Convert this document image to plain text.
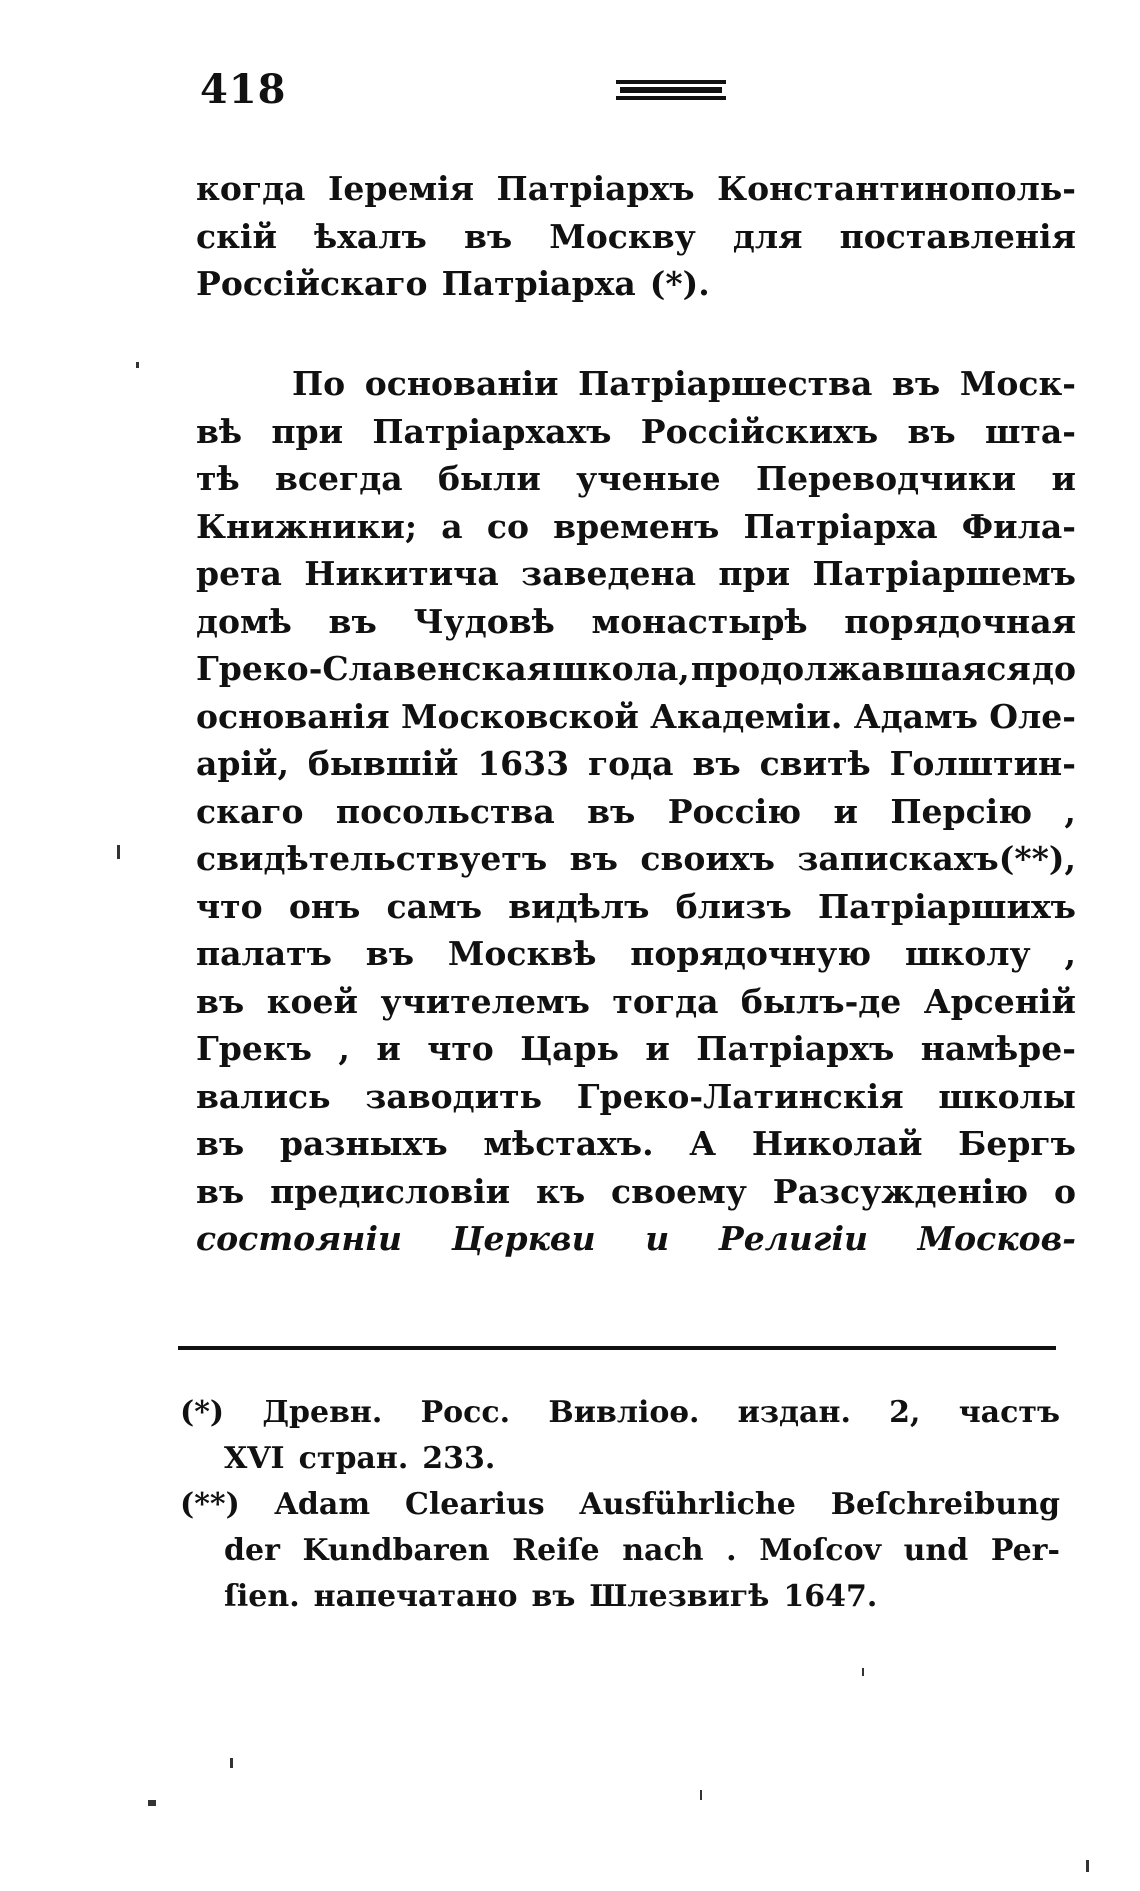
418
когда Іеремія Патріархъ Константинополь-
скій ѣхалъ въ Москву для поставленія
Россійскаго Патріарха (*).
По основаніи Патріаршества въ Моск-
вѣ при Патріархахъ Россійскихъ въ шта-
тѣ всегда были ученые Переводчики и
Книжники; а со временъ Патріарха Фила-
рета Никитича заведена при Патріаршемъ
домѣ въ Чудовѣ монастырѣ порядочная
Греко-Славенская школа, продолжавшаяся до
основанія Московской Академіи. Адамъ Оле-
арій, бывшій 1633 года въ свитѣ Голштин-
скаго посольства въ Россію и Персію ,
свидѣтельствуетъ въ своихъ запискахъ(**),
что онъ самъ видѣлъ близъ Патріаршихъ
палатъ въ Москвѣ порядочную школу ,
въ коей учителемъ тогда былъ-де Арсеній
Грекъ , и что Царь и Патріархъ намѣре-
вались заводить Греко-Латинскія школы
въ разныхъ мѣстахъ. А Николай Бергъ
въ предисловіи къ своему Разсужденію о
состояніи Церкви и Религіи Москов-
(*) Древн. Росс. Вивліоѳ. издан. 2, частъ
XVI стран. 233.
(**) Adam Clearius Ausführliche Beſchreibung
der Kundbaren Reiſe nach . Moſcov und Per-
ſien. напечатано въ Шлезвигѣ 1647.
